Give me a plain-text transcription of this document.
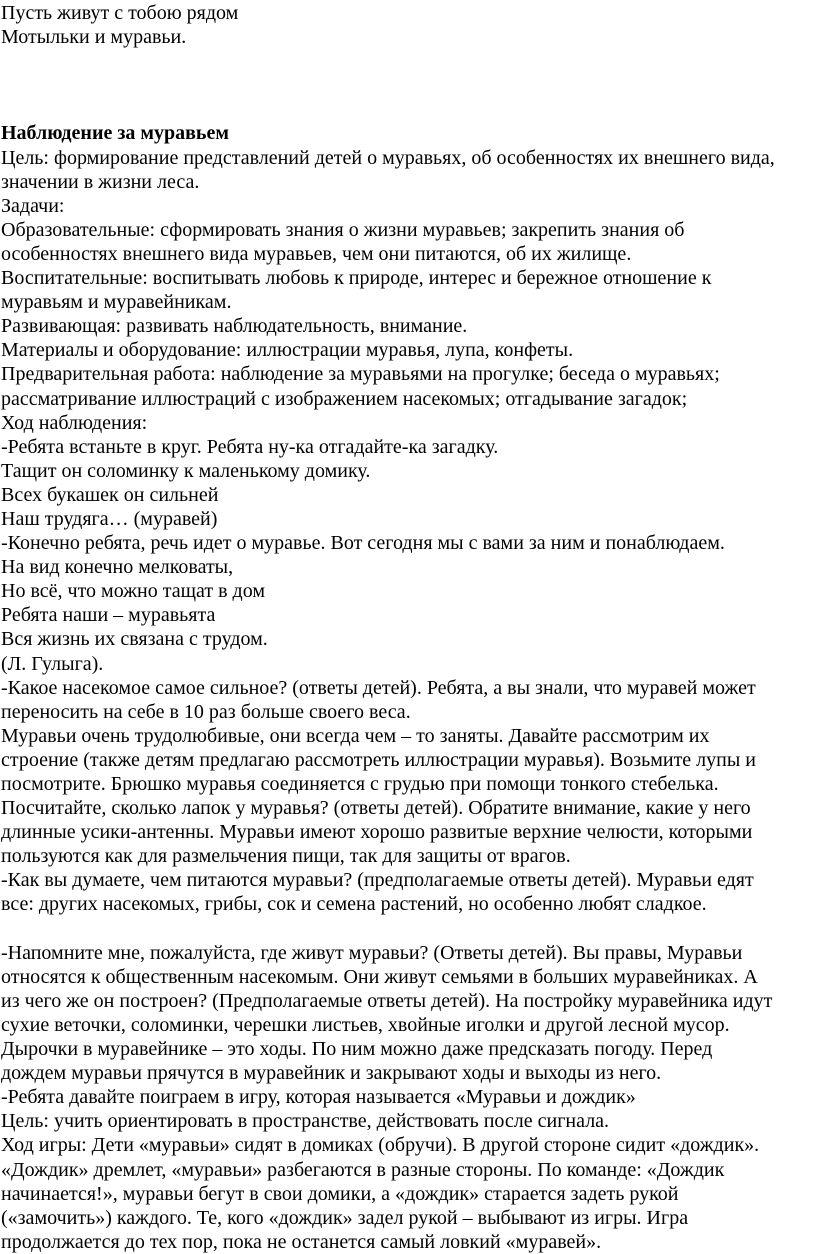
Пусть живут с тобою рядом
Мотыльки и муравьи.
Наблюдение за муравьем
Цель: формирование представлений детей о муравьях, об особенностях их внешнего вида,
значении в жизни леса.
Задачи:
Образовательные: сформировать знания о жизни муравьев; закрепить знания об
особенностях внешнего вида муравьев, чем они питаются, об их жилище.
Воспитательные: воспитывать любовь к природе, интерес и бережное отношение к
муравьям и муравейникам.
Развивающая: развивать наблюдательность, внимание.
Материалы и оборудование: иллюстрации муравья, лупа, конфеты.
Предварительная работа: наблюдение за муравьями на прогулке; беседа о муравьях;
рассматривание иллюстраций с изображением насекомых; отгадывание загадок;
Ход наблюдения:
-Ребята встаньте в круг. Ребята ну-ка отгадайте-ка загадку.
Тащит он соломинку к маленькому домику.
Всех букашек он сильней
Наш трудяга… (муравей)
-Конечно ребята, речь идет о муравье. Вот сегодня мы с вами за ним и понаблюдаем.
На вид конечно мелковаты,
Но всё, что можно тащат в дом
Ребята наши – муравьята
Вся жизнь их связана с трудом.
(Л. Гулыга).
-Какое насекомое самое сильное? (ответы детей). Ребята, а вы знали, что муравей может
переносить на себе в 10 раз больше своего веса.
Муравьи очень трудолюбивые, они всегда чем – то заняты. Давайте рассмотрим их
строение (также детям предлагаю рассмотреть иллюстрации муравья). Возьмите лупы и
посмотрите. Брюшко муравья соединяется с грудью при помощи тонкого стебелька.
Посчитайте, сколько лапок у муравья? (ответы детей). Обратите внимание, какие у него
длинные усики-антенны. Муравьи имеют хорошо развитые верхние челюсти, которыми
пользуются как для размельчения пищи, так для защиты от врагов.
-Как вы думаете, чем питаются муравьи? (предполагаемые ответы детей). Муравьи едят
все: других насекомых, грибы, сок и семена растений, но особенно любят сладкое.
-Напомните мне, пожалуйста, где живут муравьи? (Ответы детей). Вы правы, Муравьи
относятся к общественным насекомым. Они живут семьями в больших муравейниках. А
из чего же он построен? (Предполагаемые ответы детей). На постройку муравейника идут
сухие веточки, соломинки, черешки листьев, хвойные иголки и другой лесной мусор.
Дырочки в муравейнике – это ходы. По ним можно даже предсказать погоду. Перед
дождем муравьи прячутся в муравейник и закрывают ходы и выходы из него.
-Ребята давайте поиграем в игру, которая называется «Муравьи и дождик»
Цель: учить ориентировать в пространстве, действовать после сигнала.
Ход игры: Дети «муравьи» сидят в домиках (обручи). В другой стороне сидит «дождик».
«Дождик» дремлет, «муравьи» разбегаются в разные стороны. По команде: «Дождик
начинается!», муравьи бегут в свои домики, а «дождик» старается задеть рукой
(«замочить») каждого. Те, кого «дождик» задел рукой – выбывают из игры. Игра
продолжается до тех пор, пока не останется самый ловкий «муравей».
